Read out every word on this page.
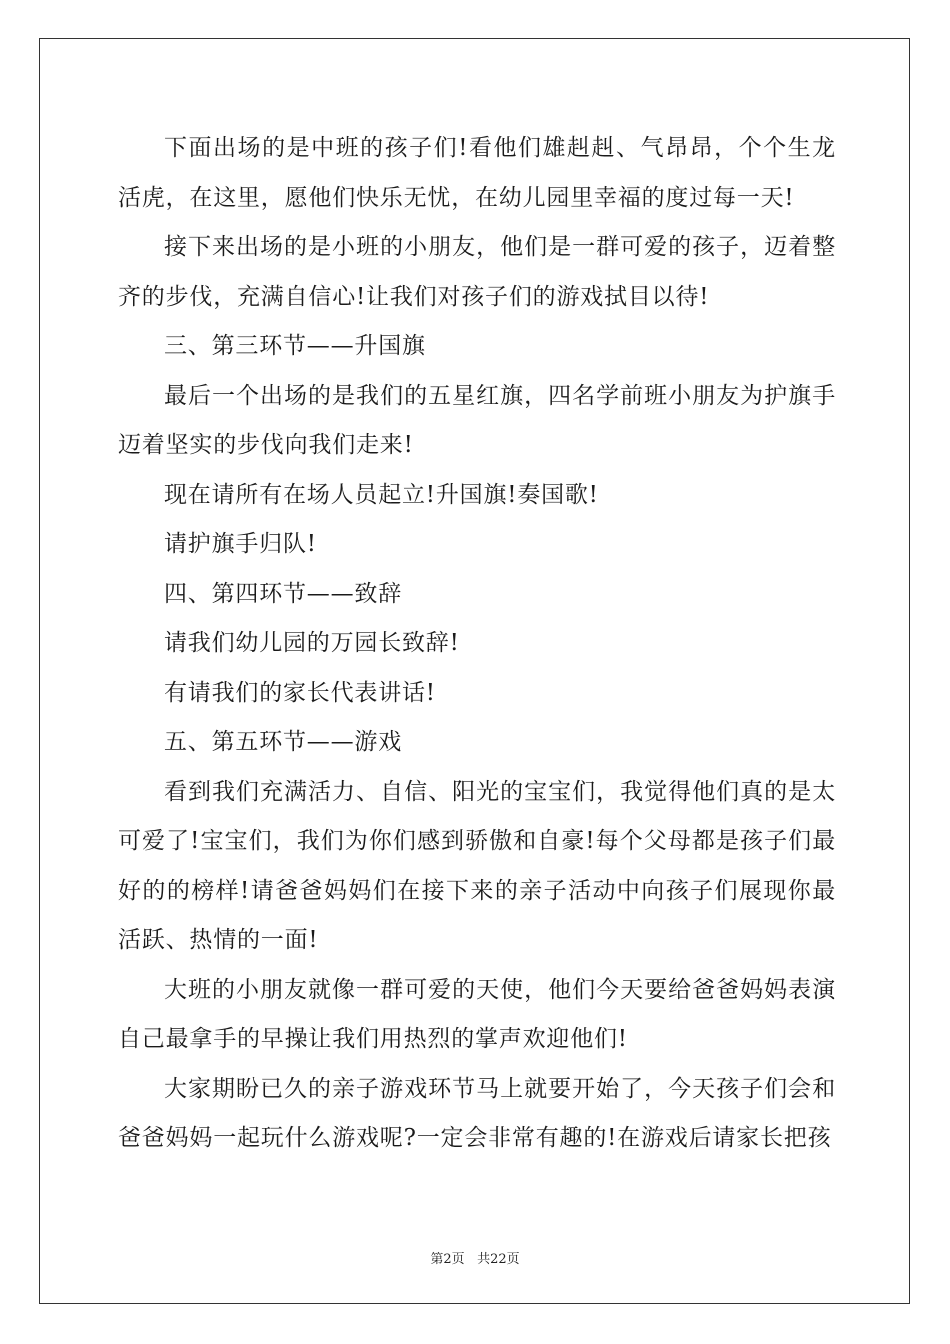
下面出场的是中班的孩子们!看他们雄赳赳、气昂昂，个个生龙活虎，在这里，愿他们快乐无忧，在幼儿园里幸福的度过每一天!

接下来出场的是小班的小朋友，他们是一群可爱的孩子，迈着整齐的步伐，充满自信心!让我们对孩子们的游戏拭目以待!

三、第三环节——升国旗

最后一个出场的是我们的五星红旗，四名学前班小朋友为护旗手迈着坚实的步伐向我们走来!

现在请所有在场人员起立!升国旗!奏国歌!

请护旗手归队!

四、第四环节——致辞

请我们幼儿园的万园长致辞!

有请我们的家长代表讲话!

五、第五环节——游戏

看到我们充满活力、自信、阳光的宝宝们，我觉得他们真的是太可爱了!宝宝们，我们为你们感到骄傲和自豪!每个父母都是孩子们最好的的榜样!请爸爸妈妈们在接下来的亲子活动中向孩子们展现你最活跃、热情的一面!

大班的小朋友就像一群可爱的天使，他们今天要给爸爸妈妈表演自己最拿手的早操让我们用热烈的掌声欢迎他们!

大家期盼已久的亲子游戏环节马上就要开始了，今天孩子们会和爸爸妈妈一起玩什么游戏呢?一定会非常有趣的!在游戏后请家长把孩

第2页 共22页
